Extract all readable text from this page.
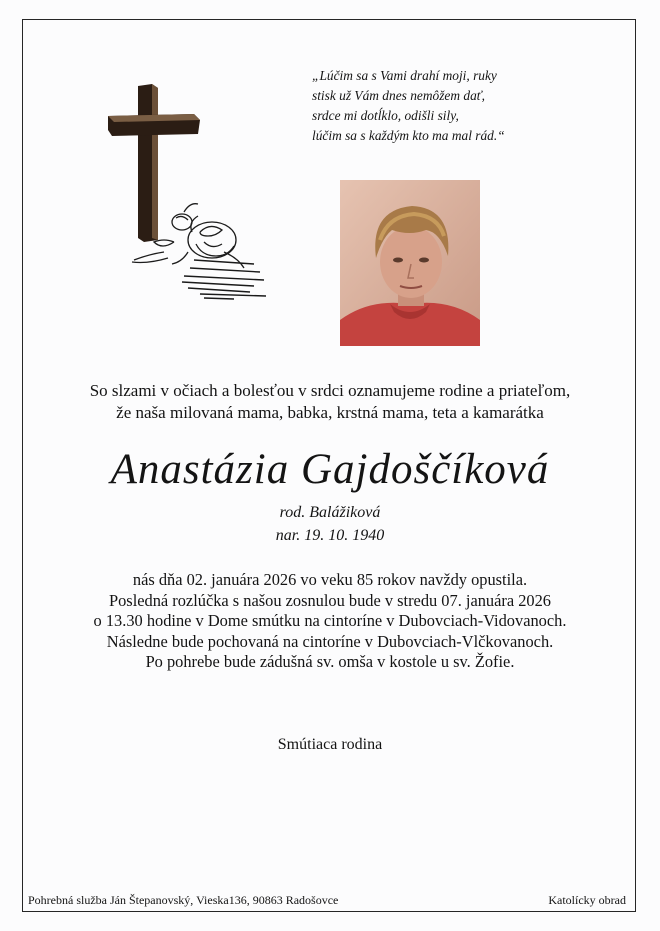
„Lúčim sa s Vami drahí moji, ruky
stisk už Vám dnes nemôžem dať,
srdce mi dotĺklo, odišli sily,
lúčim sa s každým kto ma mal rád.“
So slzami v očiach a bolesťou v srdci oznamujeme rodine a priateľom,
že naša milovaná mama, babka, krstná mama, teta a kamarátka
Anastázia Gajdoščíková
rod. Balážiková
nar. 19. 10. 1940
nás dňa 02. januára 2026 vo veku 85 rokov navždy opustila.
Posledná rozlúčka s našou zosnulou bude v stredu 07. januára 2026
o 13.30 hodine v Dome smútku na cintoríne v Dubovciach-Vidovanoch.
Následne bude pochovaná na cintoríne v Dubovciach-Vlčkovanoch.
Po pohrebe bude zádušná sv. omša v kostole u sv. Žofie.
Smútiaca rodina
Pohrebná služba Ján Štepanovský, Vieska136, 90863 Radošovce	Katolícky obrad
